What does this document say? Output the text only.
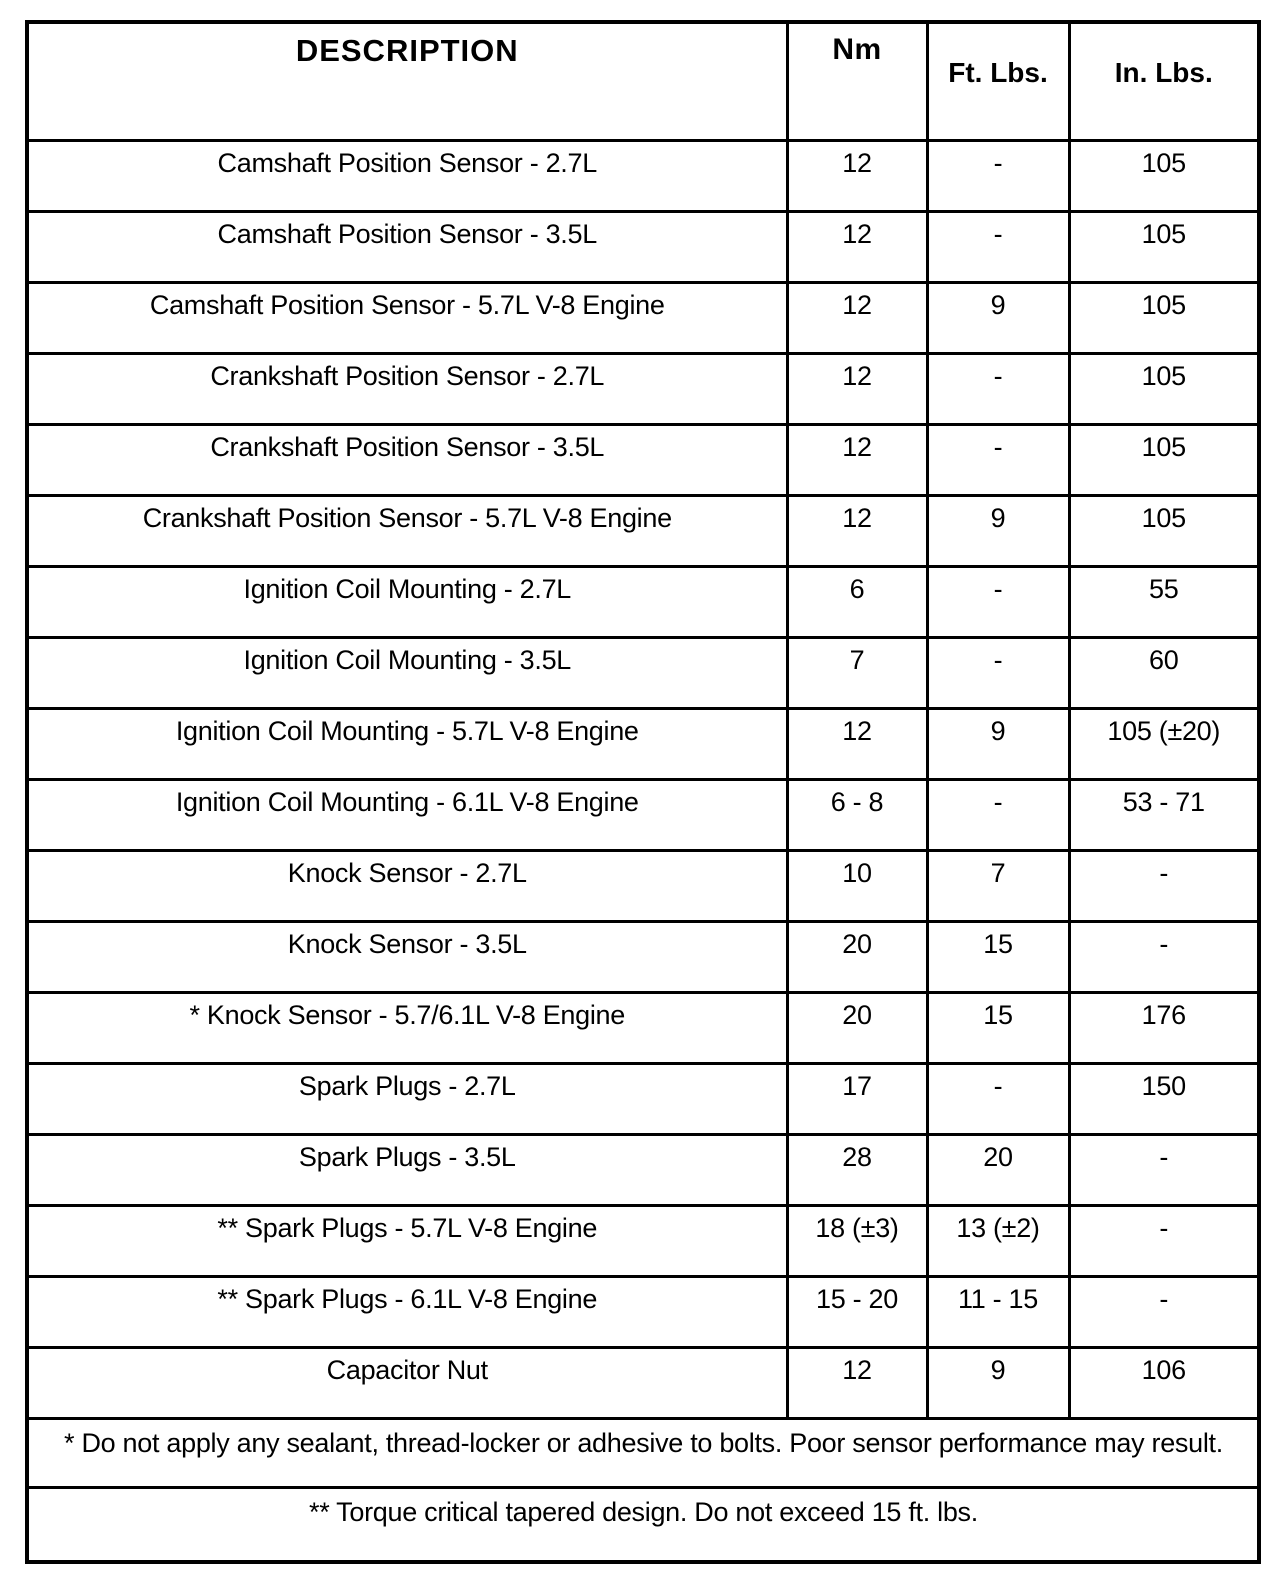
DESCRIPTION	Nm	Ft. Lbs.	In. Lbs.
Camshaft Position Sensor - 2.7L	12	-	105
Camshaft Position Sensor - 3.5L	12	-	105
Camshaft Position Sensor - 5.7L V-8 Engine	12	9	105
Crankshaft Position Sensor - 2.7L	12	-	105
Crankshaft Position Sensor - 3.5L	12	-	105
Crankshaft Position Sensor - 5.7L V-8 Engine	12	9	105
Ignition Coil Mounting - 2.7L	6	-	55
Ignition Coil Mounting - 3.5L	7	-	60
Ignition Coil Mounting - 5.7L V-8 Engine	12	9	105 (±20)
Ignition Coil Mounting - 6.1L V-8 Engine	6 - 8	-	53 - 71
Knock Sensor - 2.7L	10	7	-
Knock Sensor - 3.5L	20	15	-
* Knock Sensor - 5.7/6.1L V-8 Engine	20	15	176
Spark Plugs - 2.7L	17	-	150
Spark Plugs - 3.5L	28	20	-
** Spark Plugs - 5.7L V-8 Engine	18 (±3)	13 (±2)	-
** Spark Plugs - 6.1L V-8 Engine	15 - 20	11 - 15	-
Capacitor Nut	12	9	106
* Do not apply any sealant, thread-locker or adhesive to bolts. Poor sensor performance may result.			
** Torque critical tapered design. Do not exceed 15 ft. lbs.			
